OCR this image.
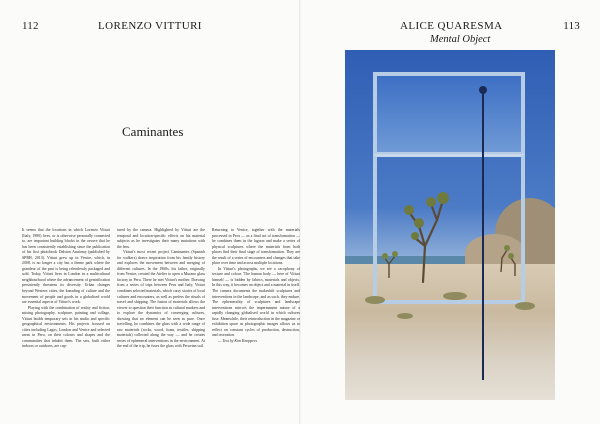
112	LORENZO VITTURI
Caminantes

It seems that the locations in which Lorenzo Vitturi (Italy, 1980) lives, or is otherwise personally connected to, are important building blocks in the oeuvre that he has been consistently establishing since the publication of his first photobook Dalston Anatomy (published by SPBH, 2013). Vitturi grew up in Venice, which, in 2008, is no longer a city but a theme park where the grandeur of the past is being relentlessly packaged and sold. Today, Vitturi lives in London in a multicultural neighbourhood where the advancement of gentrification persistently threatens its diversity. Urban changes beyond Western cities, the kneading of culture and the movement of people and goods in a globalised world are essential aspects of Vitturi's work.

Playing with the combination of reality and fiction, mixing photography, sculpture, painting and collage, Vitturi builds temporary sets in his studio and specific geographical environments. His projects focused on cities including Lagos, London and Venice and selected areas in Peru, on their colours and shapes and the communities that inhabit them. The sets, built either indoors or outdoors, are cap-

tured by the camera. Highlighted by Vitturi are the temporal and location-specific effects on his material subjects as he investigates their many mutations with the lens.

Vitturi's most recent project Caminantes (Spanish for walkers) draws inspiration from his family history and explores the movement between and merging of different cultures. In the 1960s, his father, originally from Venice, created the Atelier to open a Murano glass factory in Peru. There he met Vitturi's mother. Drawing from a series of trips between Peru and Italy, Vitturi combines selected materials, which carry stories of local cultures and encounters, as well as prefers the rituals of travel and shipping. The fusion of materials allows the viewer to question their function as cultural markers and to explore the dynamics of converging cultures, showing that no element can be seen as pure. Once travelling, he combines the glass with a wide range of raw materials (rocks, wood, foam, textiles, shipping materials) collected along the way — and he creates series of ephemeral interventions in the environment. At the end of the trip, he fuses the glass with Peruvian soil.

Returning to Venice, together with the materials processed in Peru — as a final act of transformation — he combines them in the lagoon and make a series of physical sculptures where the materials from both places find their final stage of transformation. They are the result of a series of encounters and changes that take place over time and across multiple locations.

In Vitturi's photographs, we see a cacophony of texture and colour. 'The human body — here of Vitturi himself — is hidden by fabrics, materials and objects. In this way, it becomes an object and a material in itself. The camera documents the makeshift sculptures and interventions in the landscape, and as such, they endure. The ephemerality of sculptures and landscape interventions mirrors the impermanent nature of a rapidly changing globalised world in which cultures fuse. Meanwhile, their reintroduction in the magazine or exhibition space as photographic images allows us to reflect on constant cycles of production, destruction, and recreation.

— Text by Kim Knoppers

ALICE QUARESMA
Mental Object
113
